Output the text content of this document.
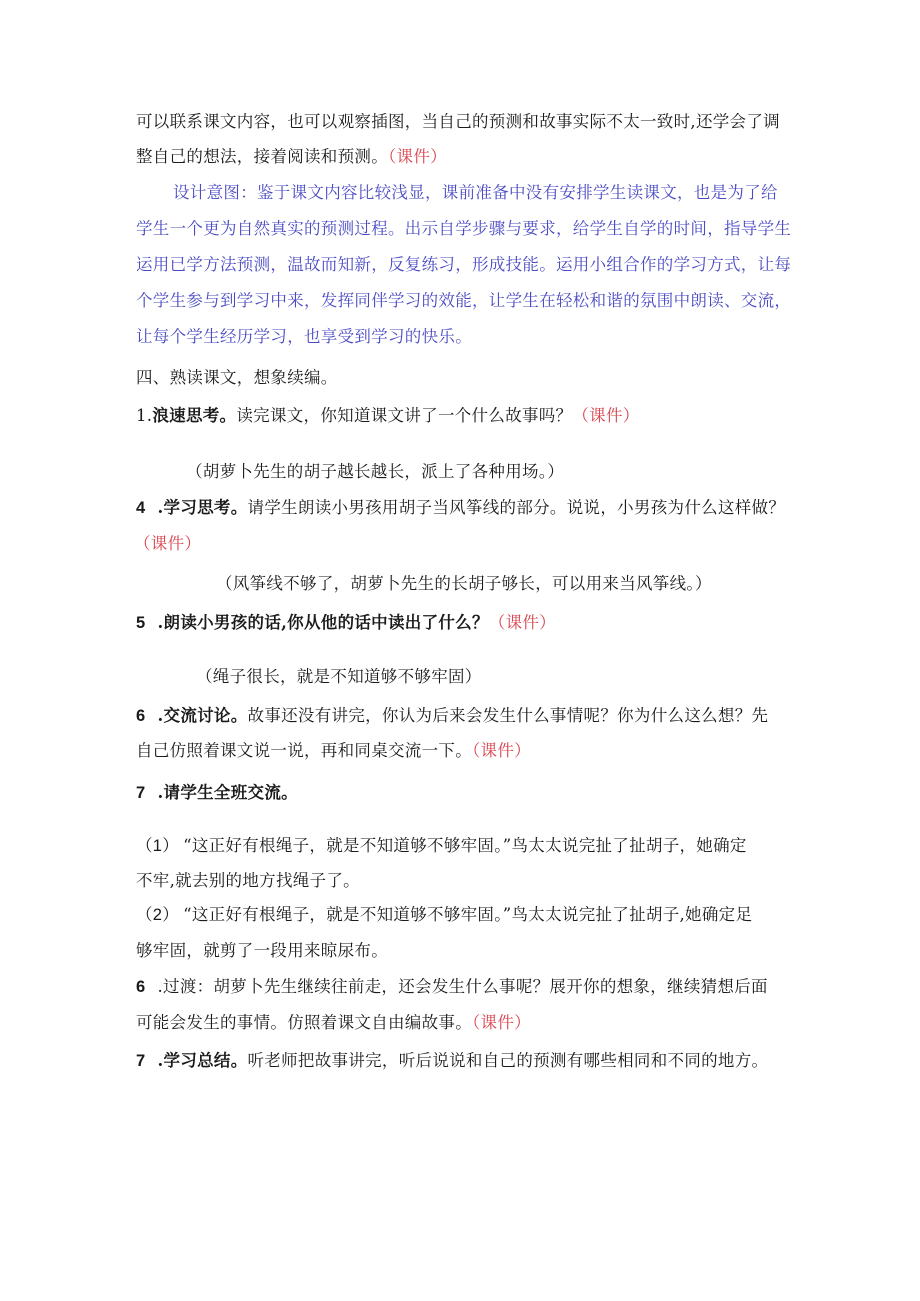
可以联系课文内容，也可以观察插图，当自己的预测和故事实际不太一致时,还学会了调
整自己的想法，接着阅读和预测。（课件）
设计意图：鉴于课文内容比较浅显，课前准备中没有安排学生读课文，也是为了给
学生一个更为自然真实的预测过程。出示自学步骤与要求，给学生自学的时间，指导学生
运用已学方法预测，温故而知新，反复练习，形成技能。运用小组合作的学习方式，让每
个学生参与到学习中来，发挥同伴学习的效能，让学生在轻松和谐的氛围中朗读、交流，
让每个学生经历学习，也享受到学习的快乐。
四、熟读课文，想象续编。
1.浪速思考。读完课文，你知道课文讲了一个什么故事吗？（课件）
（胡萝卜先生的胡子越长越长，派上了各种用场。）
4 .学习思考。请学生朗读小男孩用胡子当风筝线的部分。说说，小男孩为什么这样做？
（课件）
（风筝线不够了，胡萝卜先生的长胡子够长，可以用来当风筝线。）
5 .朗读小男孩的话,你从他的话中读出了什么？（课件）
（绳子很长，就是不知道够不够牢固）
6 .交流讨论。故事还没有讲完，你认为后来会发生什么事情呢？你为什么这么想？先
自己仿照着课文说一说，再和同桌交流一下。（课件）
7 .请学生全班交流。
（1） “这正好有根绳子，就是不知道够不够牢固。”鸟太太说完扯了扯胡子，她确定
不牢,就去别的地方找绳子了。
（2） “这正好有根绳子，就是不知道够不够牢固。”鸟太太说完扯了扯胡子,她确定足
够牢固，就剪了一段用来晾尿布。
6 .过渡：胡萝卜先生继续往前走，还会发生什么事呢？展开你的想象，继续猜想后面
可能会发生的事情。仿照着课文自由编故事。（课件）
7 .学习总结。听老师把故事讲完，听后说说和自己的预测有哪些相同和不同的地方。
